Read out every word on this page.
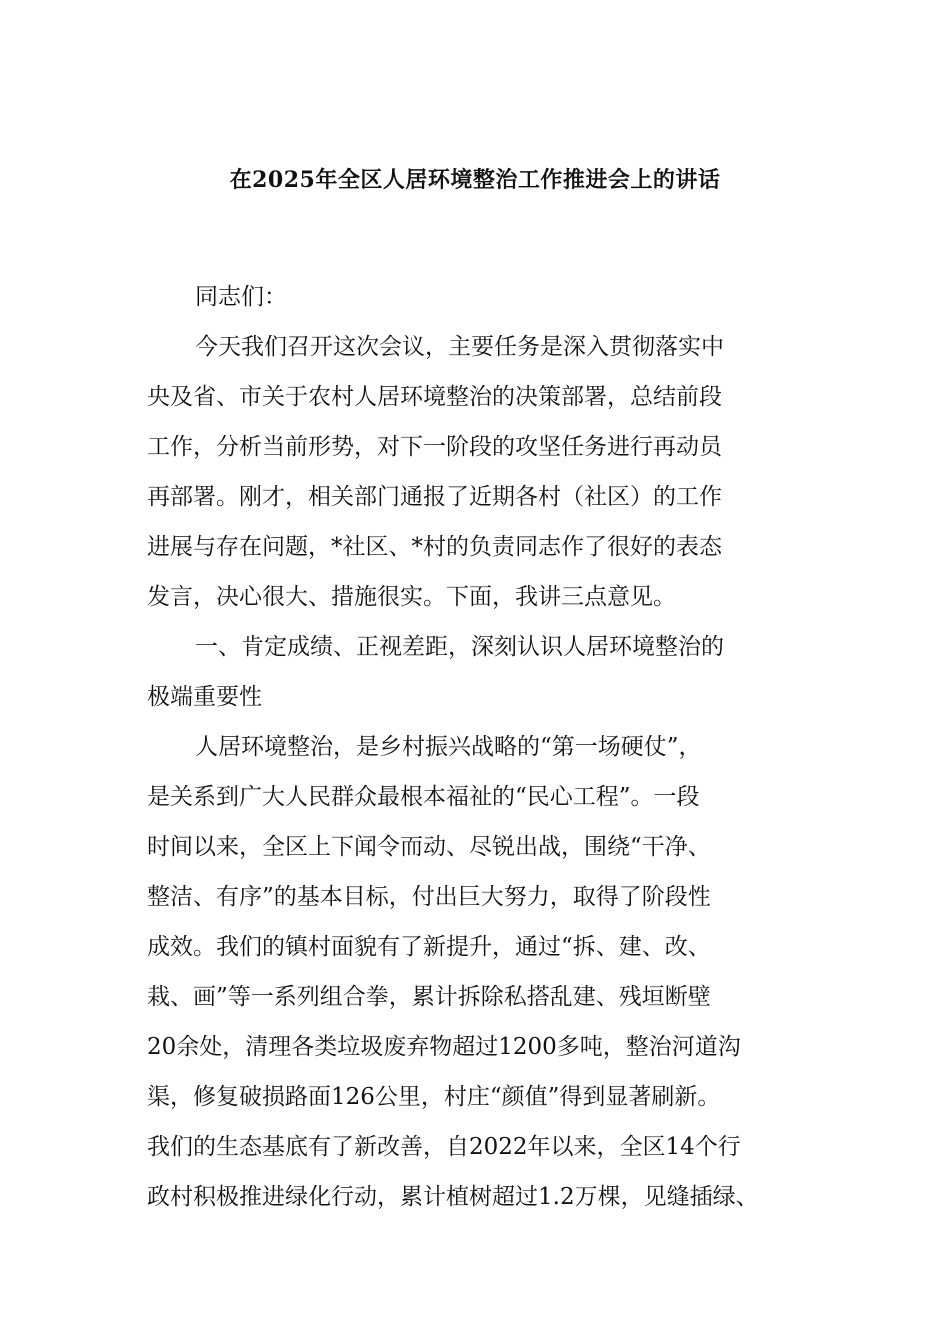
在2025年全区人居环境整治工作推进会上的讲话

同志们：

今天我们召开这次会议，主要任务是深入贯彻落实中

央及省、市关于农村人居环境整治的决策部署，总结前段

工作，分析当前形势，对下一阶段的攻坚任务进行再动员

再部署。刚才，相关部门通报了近期各村（社区）的工作

进展与存在问题，*社区、*村的负责同志作了很好的表态

发言，决心很大、措施很实。下面，我讲三点意见。

一、肯定成绩、正视差距，深刻认识人居环境整治的

极端重要性

人居环境整治，是乡村振兴战略的“第一场硬仗”，

是关系到广大人民群众最根本福祉的“民心工程”。一段

时间以来，全区上下闻令而动、尽锐出战，围绕“干净、

整洁、有序”的基本目标，付出巨大努力，取得了阶段性

成效。我们的镇村面貌有了新提升，通过“拆、建、改、

栽、画”等一系列组合拳，累计拆除私搭乱建、残垣断壁

20余处，清理各类垃圾废弃物超过1200多吨，整治河道沟

渠，修复破损路面126公里，村庄“颜值”得到显著刷新。

我们的生态基底有了新改善，自2022年以来，全区14个行

政村积极推进绿化行动，累计植树超过1.2万棵，见缝插绿、
